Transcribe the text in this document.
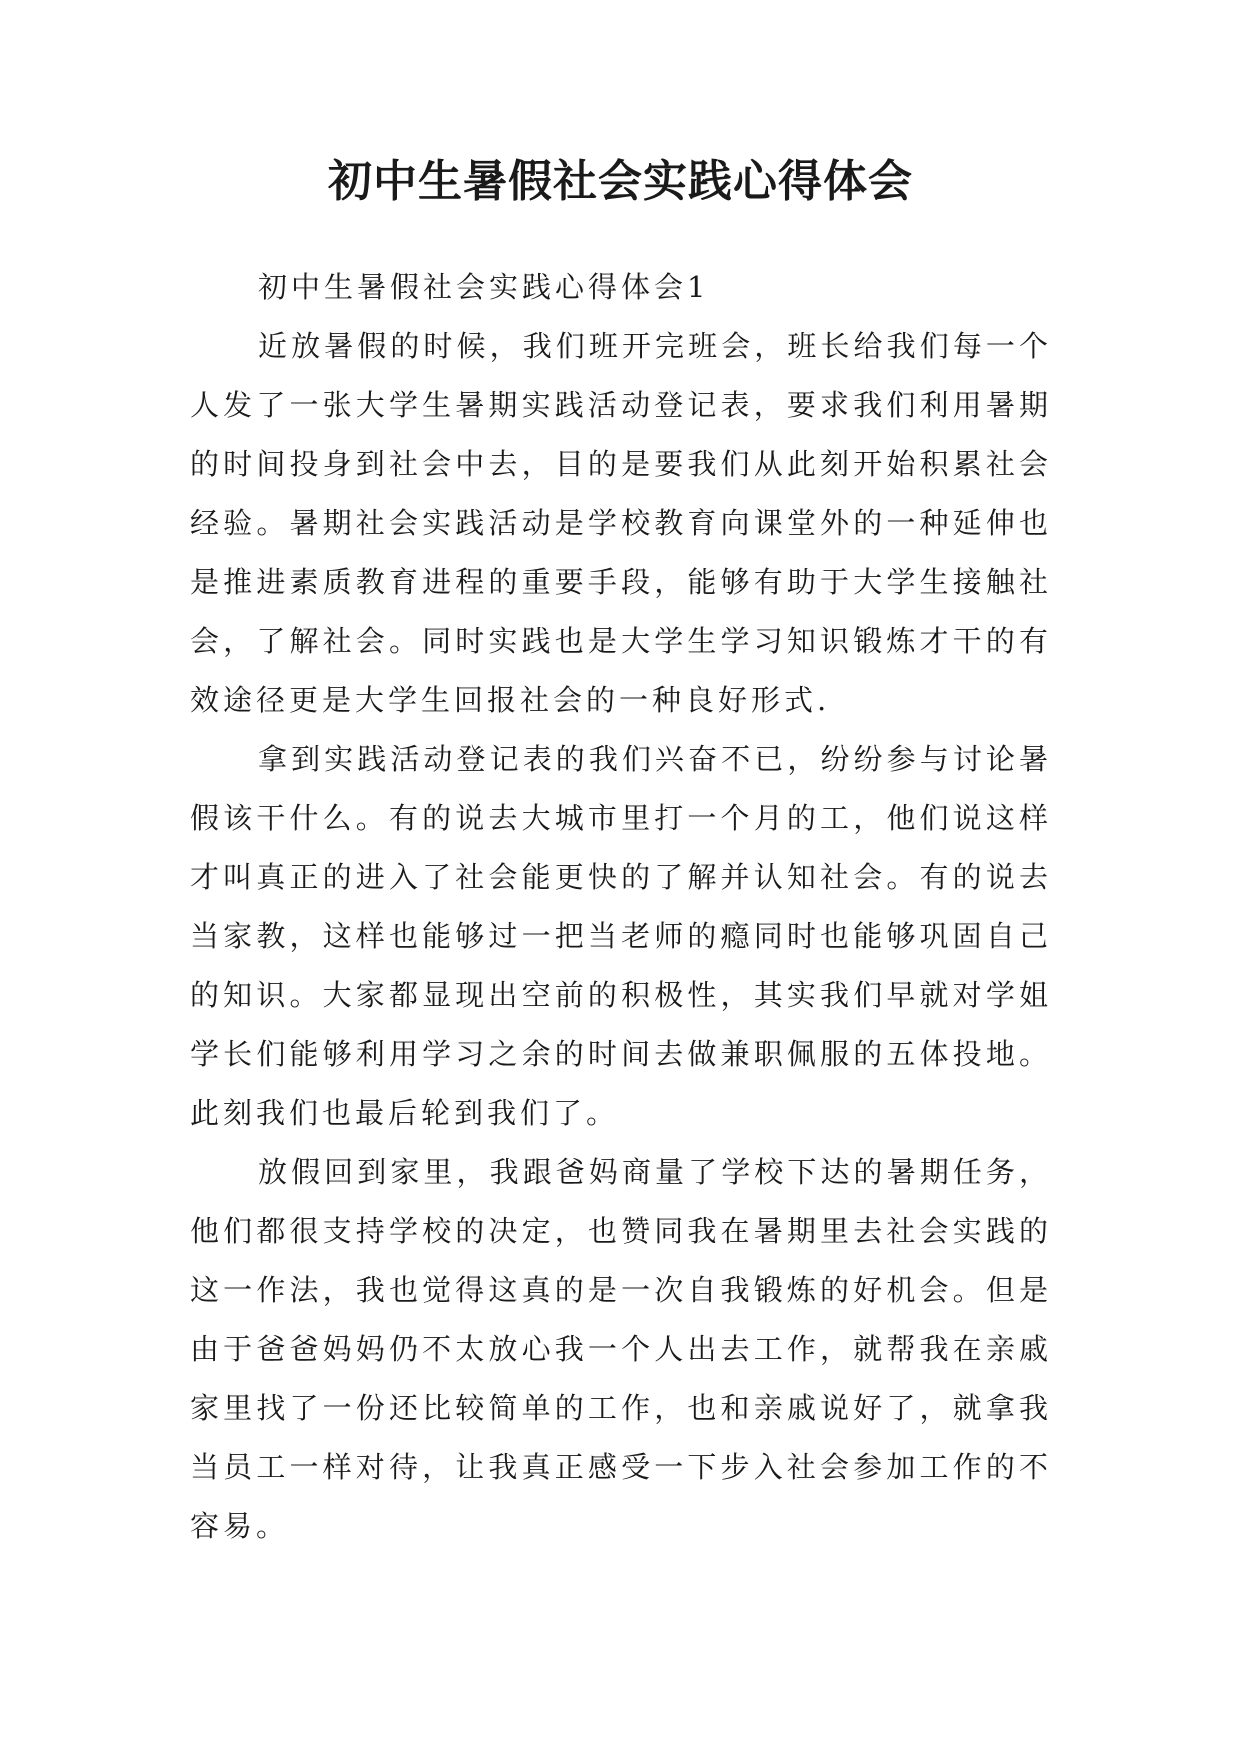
初中生暑假社会实践心得体会

初中生暑假社会实践心得体会1

近放暑假的时候，我们班开完班会，班长给我们每一个人发了一张大学生暑期实践活动登记表，要求我们利用暑期的时间投身到社会中去，目的是要我们从此刻开始积累社会经验。暑期社会实践活动是学校教育向课堂外的一种延伸也是推进素质教育进程的重要手段，能够有助于大学生接触社会，了解社会。同时实践也是大学生学习知识锻炼才干的有效途径更是大学生回报社会的一种良好形式.

拿到实践活动登记表的我们兴奋不已，纷纷参与讨论暑假该干什么。有的说去大城市里打一个月的工，他们说这样才叫真正的进入了社会能更快的了解并认知社会。有的说去当家教，这样也能够过一把当老师的瘾同时也能够巩固自己的知识。大家都显现出空前的积极性，其实我们早就对学姐学长们能够利用学习之余的时间去做兼职佩服的五体投地。此刻我们也最后轮到我们了。

放假回到家里，我跟爸妈商量了学校下达的暑期任务，他们都很支持学校的决定，也赞同我在暑期里去社会实践的这一作法，我也觉得这真的是一次自我锻炼的好机会。但是由于爸爸妈妈仍不太放心我一个人出去工作，就帮我在亲戚家里找了一份还比较简单的工作，也和亲戚说好了，就拿我当员工一样对待，让我真正感受一下步入社会参加工作的不容易。
